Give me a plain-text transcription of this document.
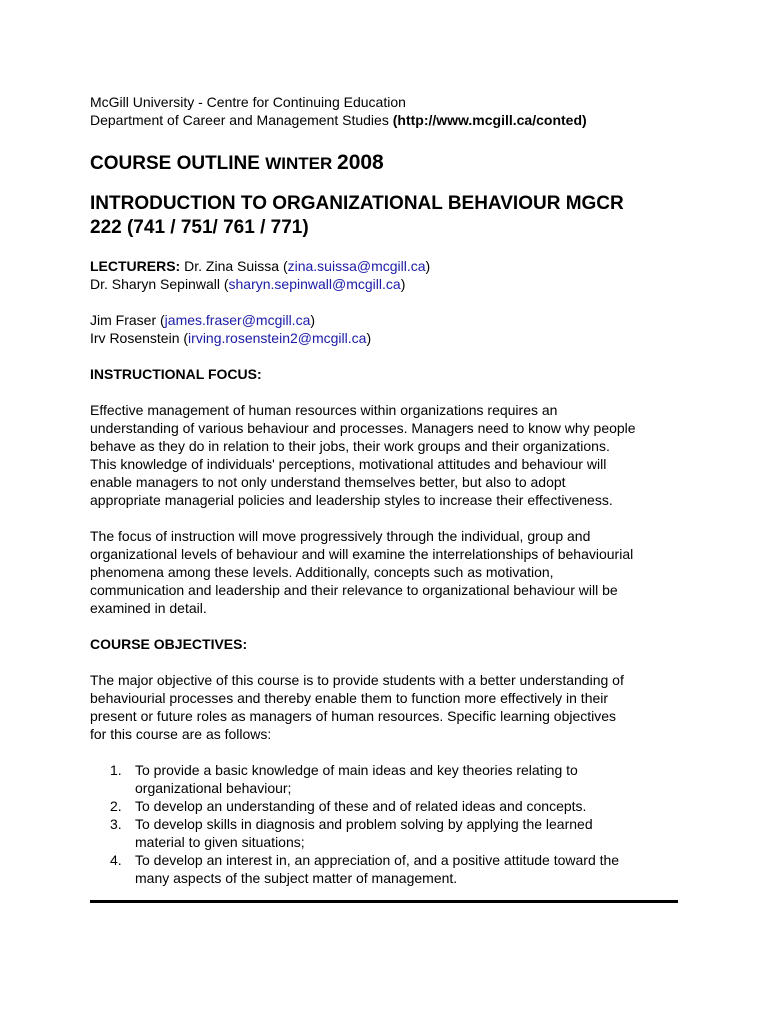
McGill University - Centre for Continuing Education
Department of Career and Management Studies (http://www.mcgill.ca/conted)
COURSE OUTLINE WINTER 2008
INTRODUCTION TO ORGANIZATIONAL BEHAVIOUR MGCR
222 (741 / 751/ 761 / 771)
LECTURERS: Dr. Zina Suissa (zina.suissa@mcgill.ca)
Dr. Sharyn Sepinwall (sharyn.sepinwall@mcgill.ca)
Jim Fraser (james.fraser@mcgill.ca)
Irv Rosenstein (irving.rosenstein2@mcgill.ca)
INSTRUCTIONAL FOCUS:

Effective management of human resources within organizations requires an

understanding of various behaviour and processes. Managers need to know why people

behave as they do in relation to their jobs, their work groups and their organizations.

This knowledge of individuals' perceptions, motivational attitudes and behaviour will

enable managers to not only understand themselves better, but also to adopt

appropriate managerial policies and leadership styles to increase their effectiveness.

The focus of instruction will move progressively through the individual, group and

organizational levels of behaviour and will examine the interrelationships of behaviourial

phenomena among these levels. Additionally, concepts such as motivation,

communication and leadership and their relevance to organizational behaviour will be

examined in detail.

COURSE OBJECTIVES:

The major objective of this course is to provide students with a better understanding of

behaviourial processes and thereby enable them to function more effectively in their

present or future roles as managers of human resources. Specific learning objectives

for this course are as follows:

1. To provide a basic knowledge of main ideas and key theories relating to
organizational behaviour;
2. To develop an understanding of these and of related ideas and concepts.
3. To develop skills in diagnosis and problem solving by applying the learned
material to given situations;
4. To develop an interest in, an appreciation of, and a positive attitude toward the
many aspects of the subject matter of management.
